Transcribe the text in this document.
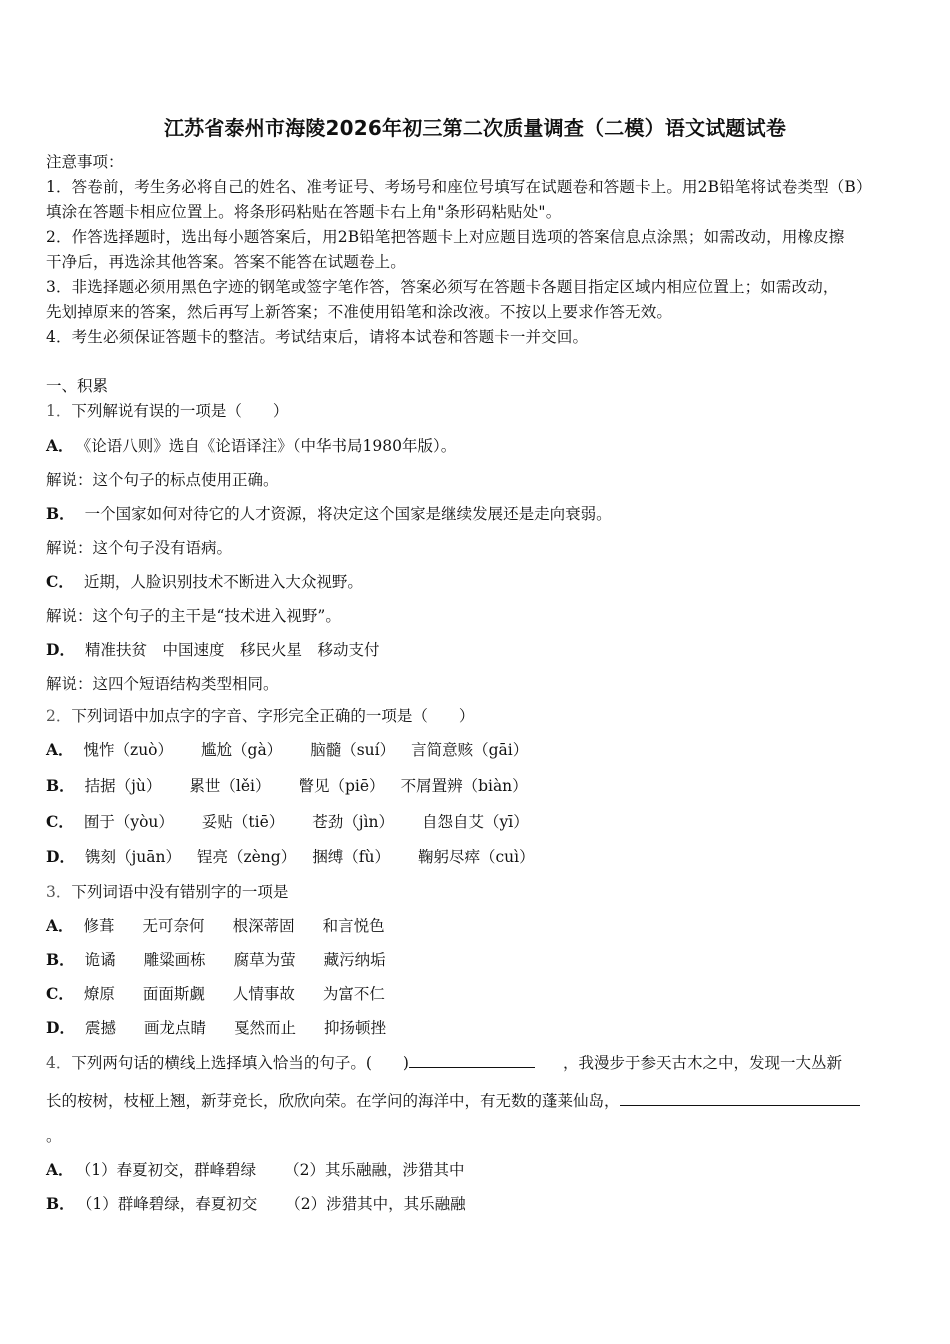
江苏省泰州市海陵2026年初三第二次质量调查（二模）语文试题试卷
注意事项：
1．答卷前，考生务必将自己的姓名、准考证号、考场号和座位号填写在试题卷和答题卡上。用2B铅笔将试卷类型（B）
填涂在答题卡相应位置上。将条形码粘贴在答题卡右上角"条形码粘贴处"。
2．作答选择题时，选出每小题答案后，用2B铅笔把答题卡上对应题目选项的答案信息点涂黑；如需改动，用橡皮擦
干净后，再选涂其他答案。答案不能答在试题卷上。
3．非选择题必须用黑色字迹的钢笔或签字笔作答，答案必须写在答题卡各题目指定区域内相应位置上；如需改动，
先划掉原来的答案，然后再写上新答案；不准使用铅笔和涂改液。不按以上要求作答无效。
4．考生必须保证答题卡的整洁。考试结束后，请将本试卷和答题卡一并交回。
一、积累
1．下列解说有误的一项是（　　）
A． 《论语八则》选自《论语译注》（中华书局1980年版）。
解说：这个句子的标点使用正确。
B． 一个国家如何对待它的人才资源，将决定这个国家是继续发展还是走向衰弱。
解说：这个句子没有语病。
C． 近期，人脸识别技术不断进入大众视野。
解说：这个句子的主干是“技术进入视野”。
D． 精准扶贫　中国速度　移民火星　移动支付
解说：这四个短语结构类型相同。
2．下列词语中加点字的字音、字形完全正确的一项是（　　）
A． 愧怍（zuò） 尴尬（gà） 脑髓（suí） 言简意赅（gāi）
B． 拮据（jù） 累世（lěi） 瞥见（piē） 不屑置辨（biàn）
C． 囿于（yòu） 妥贴（tiē） 苍劲（jìn） 自怨自艾（yī）
D． 镌刻（juān） 锃亮（zèng） 捆缚（fù） 鞠躬尽瘁（cuì）
3．下列词语中没有错别字的一项是
A． 修葺 无可奈何 根深蒂固 和言悦色
B． 诡谲 雕粱画栋 腐草为萤 藏污纳垢
C． 燎原 面面斯觑 人情事故 为富不仁
D． 震撼 画龙点睛 戛然而止 抑扬顿挫
4．下列两句话的横线上选择填入恰当的句子。(　　)	，我漫步于参天古木之中，发现一大丛新
长的桉树，枝桠上翘，新芽竞长，欣欣向荣。在学问的海洋中，有无数的蓬莱仙岛，
。
A． （1）春夏初交，群峰碧绿 （2）其乐融融，涉猎其中
B． （1）群峰碧绿，春夏初交 （2）涉猎其中，其乐融融
